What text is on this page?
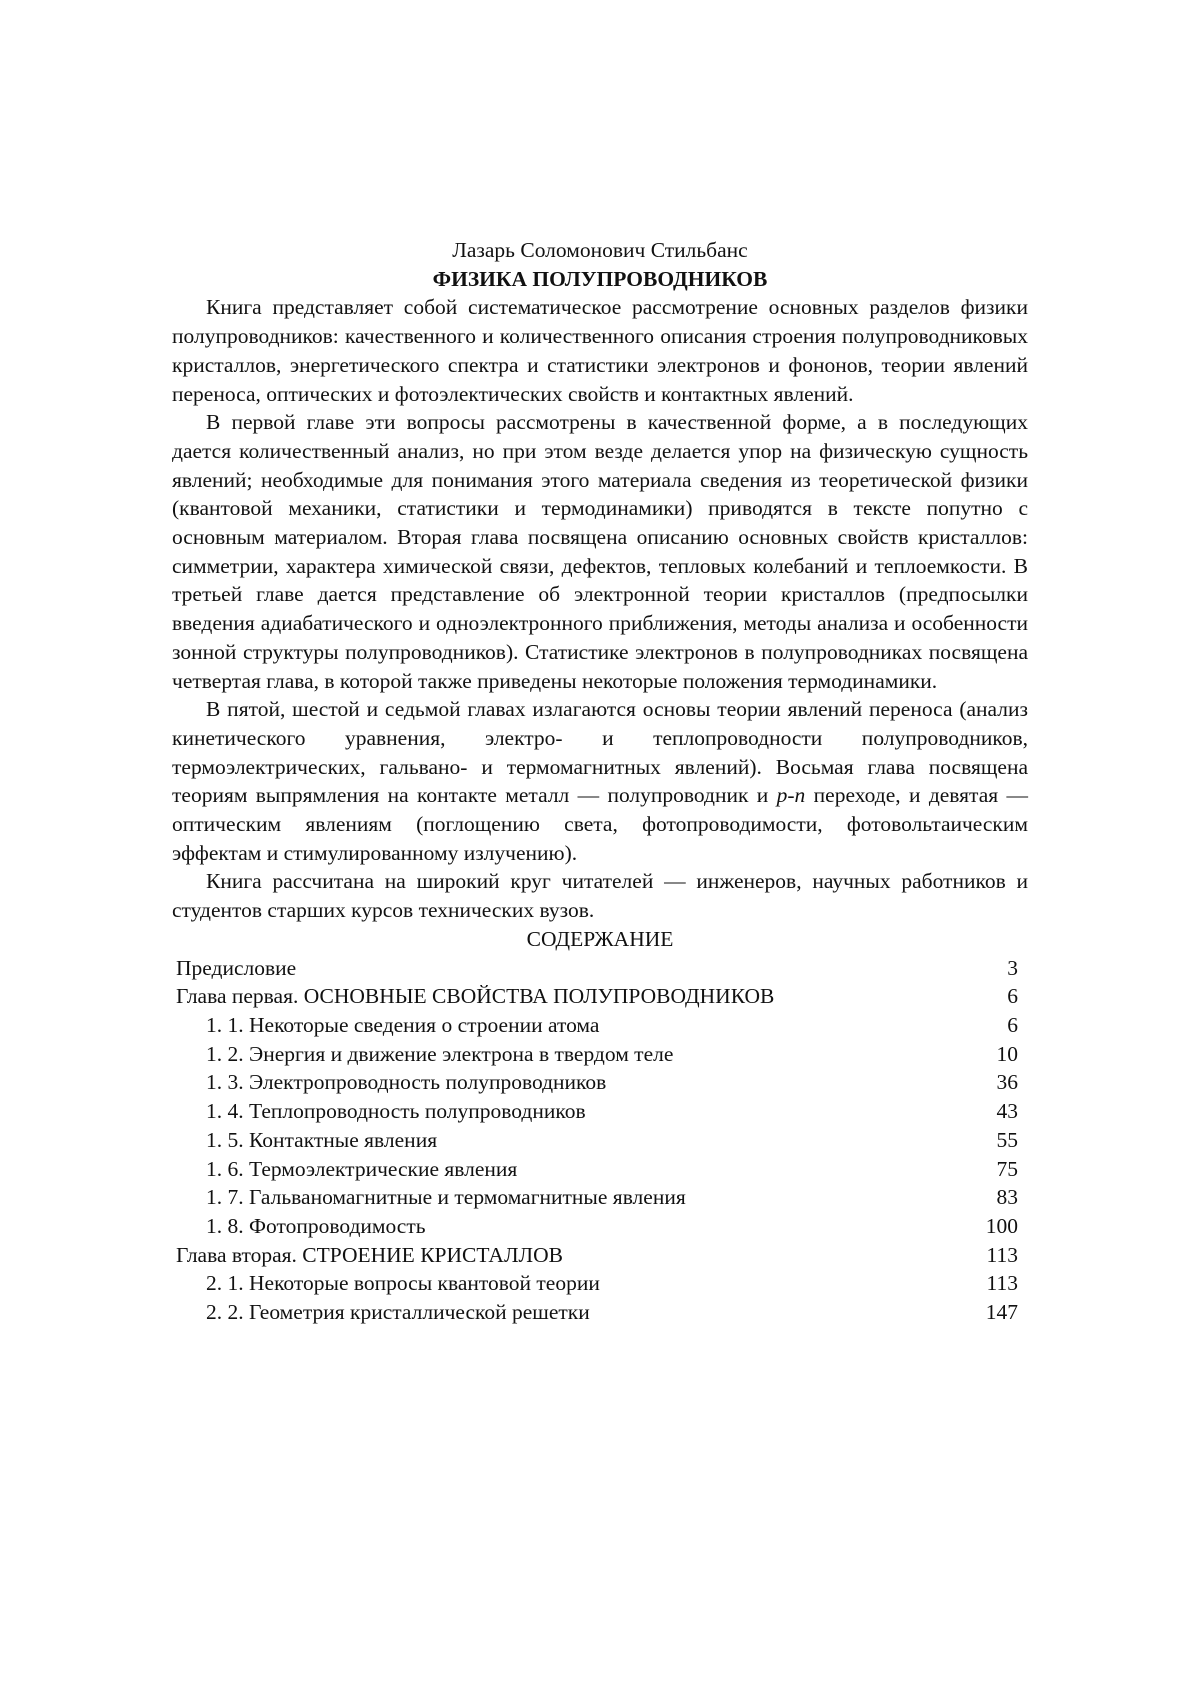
Лазарь Соломонович Стильбанс

ФИЗИКА ПОЛУПРОВОДНИКОВ

Книга представляет собой систематическое рассмотрение основных разделов физики полупроводников: качественного и количественного описания строения полупроводниковых кристаллов, энергетического спектра и статистики электронов и фононов, теории явлений переноса, оптических и фотоэлектических свойств и контактных явлений.

В первой главе эти вопросы рассмотрены в качественной форме, а в последующих дается количественный анализ, но при этом везде делается упор на физическую сущность явлений; необходимые для понимания этого материала сведения из теоретической физики (квантовой механики, статистики и термодинамики) приводятся в тексте попутно с основным материалом. Вторая глава посвящена описанию основных свойств кристаллов: симметрии, характера химической связи, дефектов, тепловых колебаний и теплоемкости. В третьей главе дается представление об электронной теории кристаллов (предпосылки введения адиабатического и одноэлектронного приближения, методы анализа и особенности зонной структуры полупроводников). Статистике электронов в полупроводниках посвящена четвертая глава, в которой также приведены некоторые положения термодинамики.

В пятой, шестой и седьмой главах излагаются основы теории явлений переноса (анализ кинетического уравнения, электро- и теплопроводности полупроводников, термоэлектрических, гальвано- и термомагнитных явлений). Восьмая глава посвящена теориям выпрямления на контакте металл — полупроводник и p-n переходе, и девятая — оптическим явлениям (поглощению света, фотопроводимости, фотовольтаическим эффектам и стимулированному излучению).

Книга рассчитана на широкий круг читателей — инженеров, научных работников и студентов старших курсов технических вузов.

СОДЕРЖАНИЕ

Предисловие	3
Глава первая. ОСНОВНЫЕ СВОЙСТВА ПОЛУПРОВОДНИКОВ	6
1. 1. Некоторые сведения о строении атома	6
1. 2. Энергия и движение электрона в твердом теле	10
1. 3. Электропроводность полупроводников	36
1. 4. Теплопроводность полупроводников	43
1. 5. Контактные явления	55
1. 6. Термоэлектрические явления	75
1. 7. Гальваномагнитные и термомагнитные явления	83
1. 8. Фотопроводимость	100
Глава вторая. СТРОЕНИЕ КРИСТАЛЛОВ	113
2. 1. Некоторые вопросы квантовой теории	113
2. 2. Геометрия кристаллической решетки	147
